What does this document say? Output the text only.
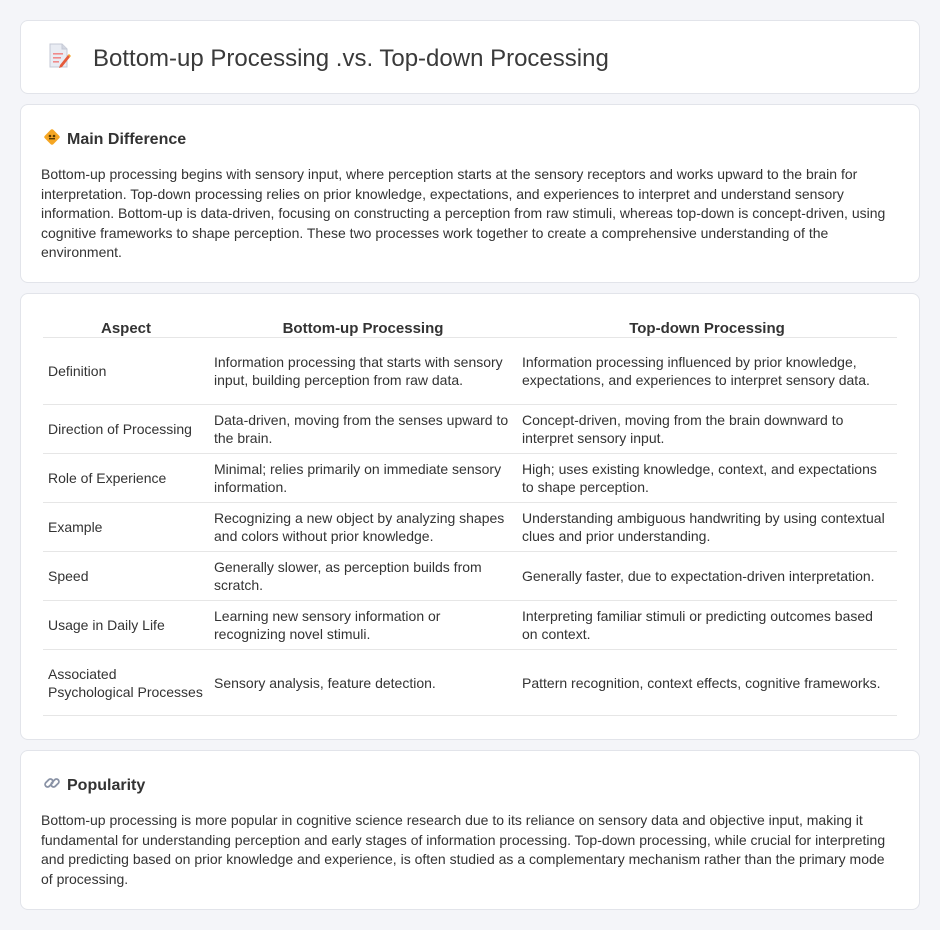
Bottom-up Processing .vs. Top-down Processing
Main Difference

Bottom-up processing begins with sensory input, where perception starts at the sensory receptors and works upward to the brain for interpretation. Top-down processing relies on prior knowledge, expectations, and experiences to interpret and understand sensory information. Bottom-up is data-driven, focusing on constructing a perception from raw stimuli, whereas top-down is concept-driven, using cognitive frameworks to shape perception. These two processes work together to create a comprehensive understanding of the environment.

Aspect	Bottom-up Processing	Top-down Processing
Definition	Information processing that starts with sensory input, building perception from raw data.	Information processing influenced by prior knowledge, expectations, and experiences to interpret sensory data.
Direction of Processing	Data-driven, moving from the senses upward to the brain.	Concept-driven, moving from the brain downward to interpret sensory input.
Role of Experience	Minimal; relies primarily on immediate sensory information.	High; uses existing knowledge, context, and expectations to shape perception.
Example	Recognizing a new object by analyzing shapes and colors without prior knowledge.	Understanding ambiguous handwriting by using contextual clues and prior understanding.
Speed	Generally slower, as perception builds from scratch.	Generally faster, due to expectation-driven interpretation.
Usage in Daily Life	Learning new sensory information or recognizing novel stimuli.	Interpreting familiar stimuli or predicting outcomes based on context.
Associated Psychological Processes	Sensory analysis, feature detection.	Pattern recognition, context effects, cognitive frameworks.
Popularity

Bottom-up processing is more popular in cognitive science research due to its reliance on sensory data and objective input, making it fundamental for understanding perception and early stages of information processing. Top-down processing, while crucial for interpreting and predicting based on prior knowledge and experience, is often studied as a complementary mechanism rather than the primary mode of processing.
